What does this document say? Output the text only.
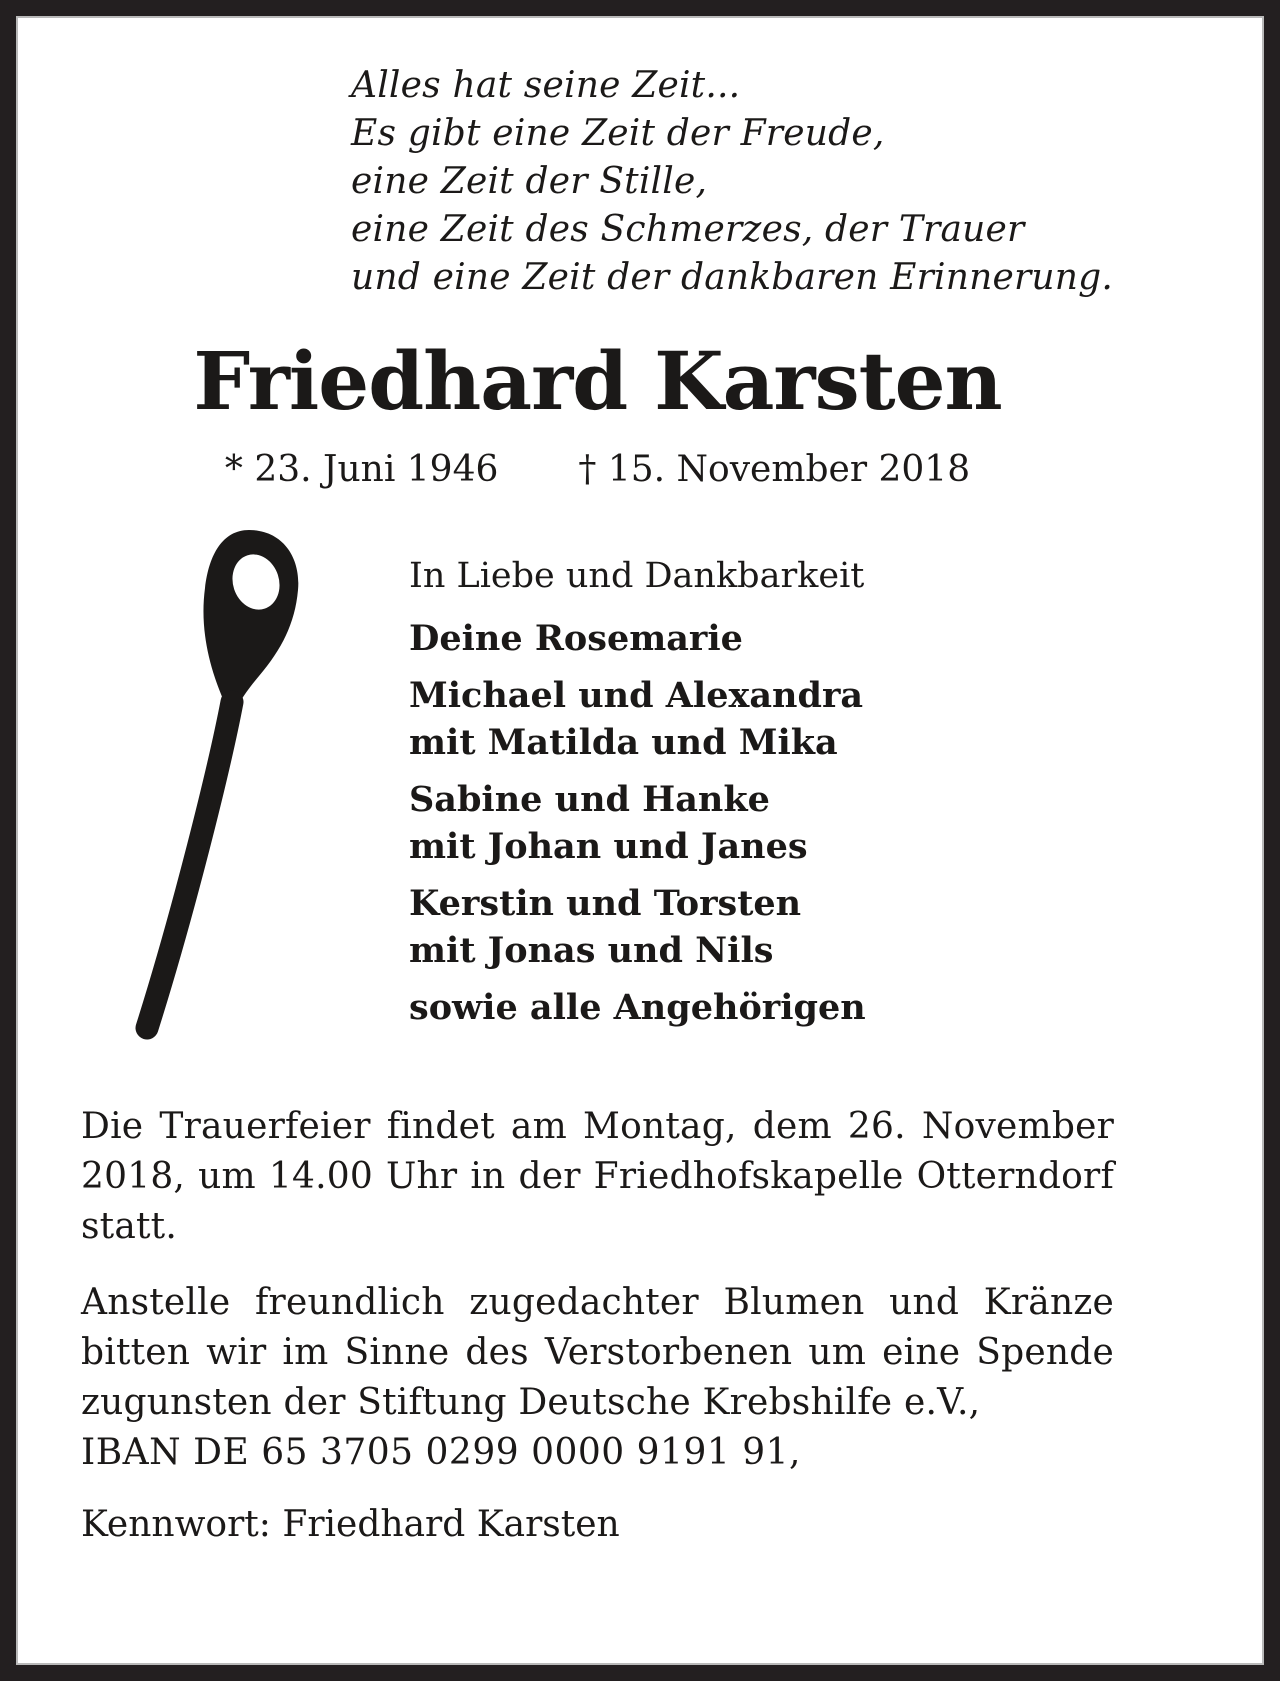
Alles hat seine Zeit...
Es gibt eine Zeit der Freude,
eine Zeit der Stille,
eine Zeit des Schmerzes, der Trauer
und eine Zeit der dankbaren Erinnerung.
Friedhard Karsten
* 23. Juni 1946 † 15. November 2018
In Liebe und Dankbarkeit
Deine Rosemarie
Michael und Alexandra
mit Matilda und Mika
Sabine und Hanke
mit Johan und Janes
Kerstin und Torsten
mit Jonas und Nils
sowie alle Angehörigen
Die Trauerfeier findet am Montag, dem 26. November 2018, um 14.00 Uhr in der Friedhofskapelle Otterndorf statt.
Anstelle freundlich zugedachter Blumen und Kränze bitten wir im Sinne des Verstorbenen um eine Spende zugunsten der Stiftung Deutsche Krebshilfe e.V.,
IBAN DE 65 3705 0299 0000 9191 91,
Kennwort: Friedhard Karsten
